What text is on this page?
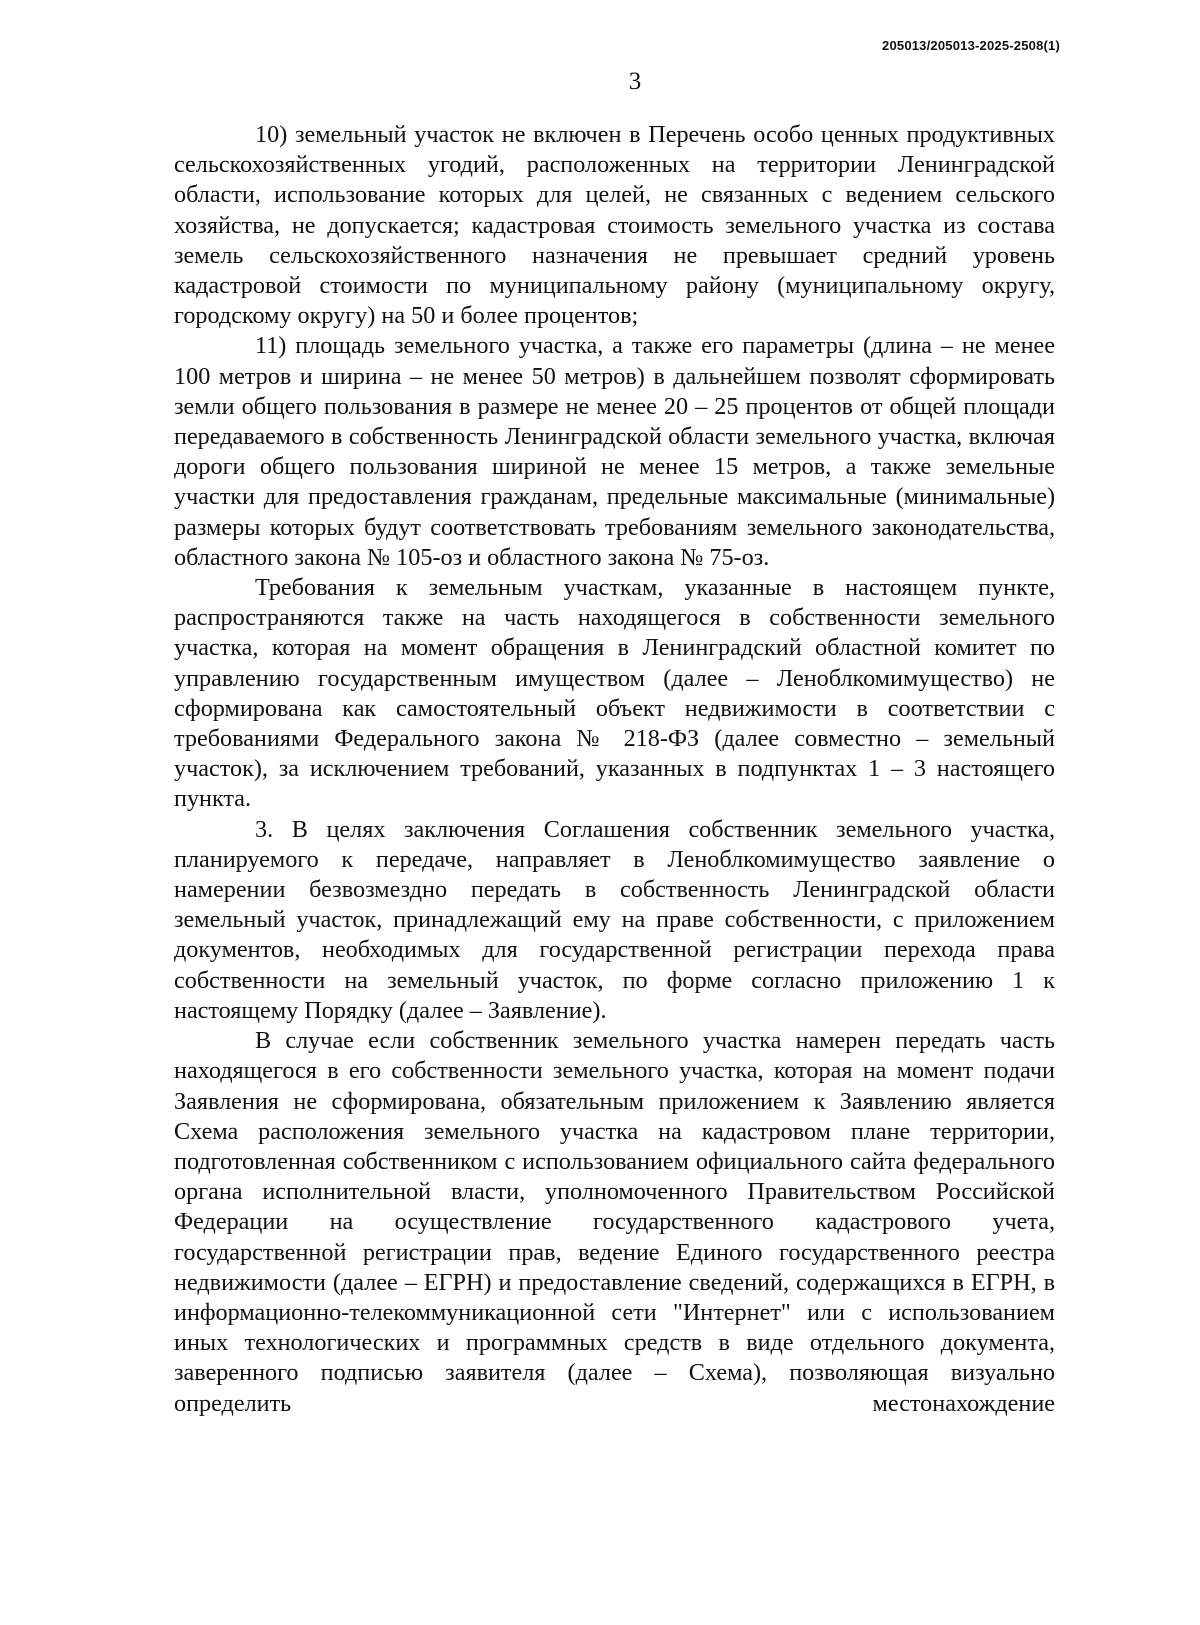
205013/205013-2025-2508(1)
3

10) земельный участок не включен в Перечень особо ценных продуктивных сельскохозяйственных угодий, расположенных на территории Ленинградской области, использование которых для целей, не связанных с ведением сельского хозяйства, не допускается; кадастровая стоимость земельного участка из состава земель сельскохозяйственного назначения не превышает средний уровень кадастровой стоимости по муниципальному району (муниципальному округу, городскому округу) на 50 и более процентов;

11) площадь земельного участка, а также его параметры (длина – не менее 100 метров и ширина – не менее 50 метров) в дальнейшем позволят сформировать земли общего пользования в размере не менее 20 – 25 процентов от общей площади передаваемого в собственность Ленинградской области земельного участка, включая дороги общего пользования шириной не менее 15 метров, а также земельные участки для предоставления гражданам, предельные максимальные (минимальные) размеры которых будут соответствовать требованиям земельного законодательства, областного закона № 105-оз и областного закона № 75-оз.

Требования к земельным участкам, указанные в настоящем пункте, распространяются также на часть находящегося в собственности земельного участка, которая на момент обращения в Ленинградский областной комитет по управлению государственным имуществом (далее – Леноблкомимущество) не сформирована как самостоятельный объект недвижимости в соответствии с требованиями Федерального закона № 218-ФЗ (далее совместно – земельный участок), за исключением требований, указанных в подпунктах 1 – 3 настоящего пункта.

3. В целях заключения Соглашения собственник земельного участка, планируемого к передаче, направляет в Леноблкомимущество заявление о намерении безвозмездно передать в собственность Ленинградской области земельный участок, принадлежащий ему на праве собственности, с приложением документов, необходимых для государственной регистрации перехода права собственности на земельный участок, по форме согласно приложению 1 к настоящему Порядку (далее – Заявление).

В случае если собственник земельного участка намерен передать часть находящегося в его собственности земельного участка, которая на момент подачи Заявления не сформирована, обязательным приложением к Заявлению является Схема расположения земельного участка на кадастровом плане территории, подготовленная собственником с использованием официального сайта федерального органа исполнительной власти, уполномоченного Правительством Российской Федерации на осуществление государственного кадастрового учета, государственной регистрации прав, ведение Единого государственного реестра недвижимости (далее – ЕГРН) и предоставление сведений, содержащихся в ЕГРН, в информационно-телекоммуникационной сети "Интернет" или с использованием иных технологических и программных средств в виде отдельного документа, заверенного подписью заявителя (далее – Схема), позволяющая визуально определить местонахождение
